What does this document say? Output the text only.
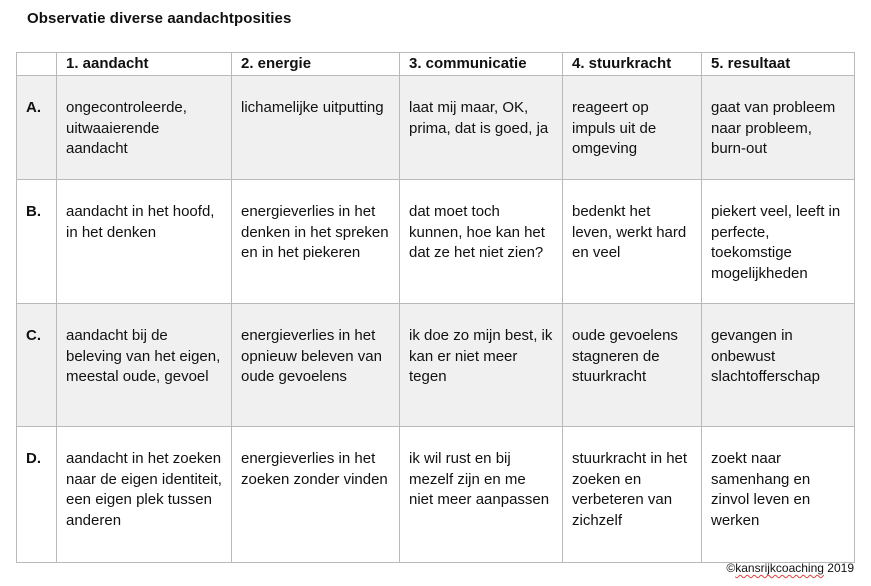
Observatie diverse aandachtposities
	1. aandacht	2. energie	3. communicatie	4. stuurkracht	5. resultaat
A.	ongecontroleerde, uitwaaierende aandacht	lichamelijke uitputting	laat mij maar, OK, prima, dat is goed, ja	reageert op impuls uit de omgeving	gaat van probleem naar probleem, burn-out
B.	aandacht in het hoofd, in het denken	energieverlies in het denken in het spreken en in het piekeren	dat moet toch kunnen, hoe kan het dat ze het niet zien?	bedenkt het leven, werkt hard en veel	piekert veel, leeft in perfecte, toekomstige mogelijkheden
C.	aandacht bij de beleving van het eigen, meestal oude, gevoel	energieverlies in het opnieuw beleven van oude gevoelens	ik doe zo mijn best, ik kan er niet meer tegen	oude gevoelens stagneren de stuurkracht	gevangen in onbewust slachtofferschap
D.	aandacht in het zoeken naar de eigen identiteit, een eigen plek tussen anderen	energieverlies in het zoeken zonder vinden	ik wil rust en bij mezelf zijn en me niet meer aanpassen	stuurkracht in het zoeken en verbeteren van zichzelf	zoekt naar samenhang en zinvol leven en werken
©kansrijkcoaching 2019
